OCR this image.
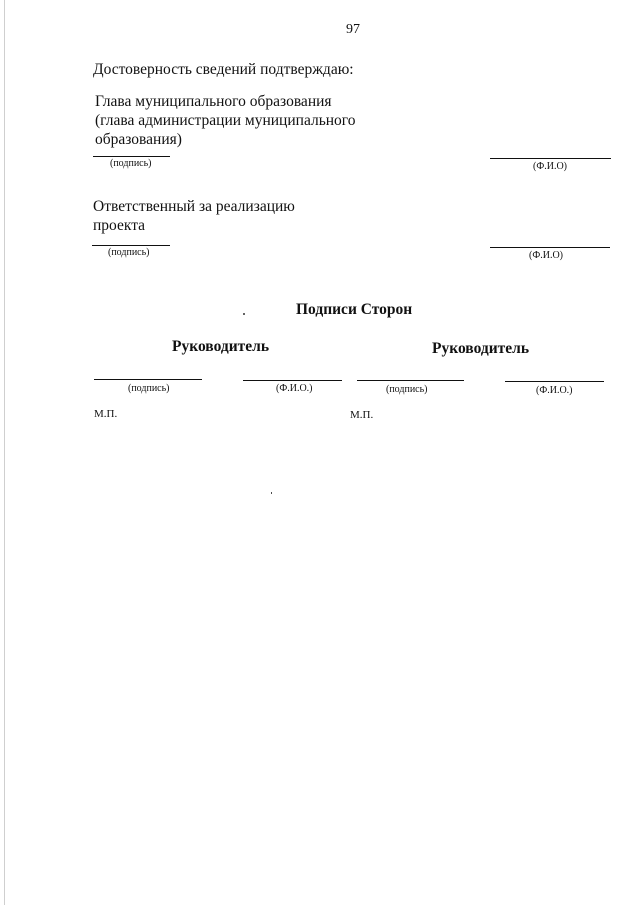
97
Достоверность сведений подтверждаю:
Глава муниципального образования
(глава администрации муниципального
образования)
(подпись)	(Ф.И.О)
Ответственный за реализацию
проекта
(подпись)	(Ф.И.О)
Подписи Сторон
Руководитель	Руководитель
(подпись)	(Ф.И.О.)	(подпись)	(Ф.И.О.)
М.П.	М.П.
